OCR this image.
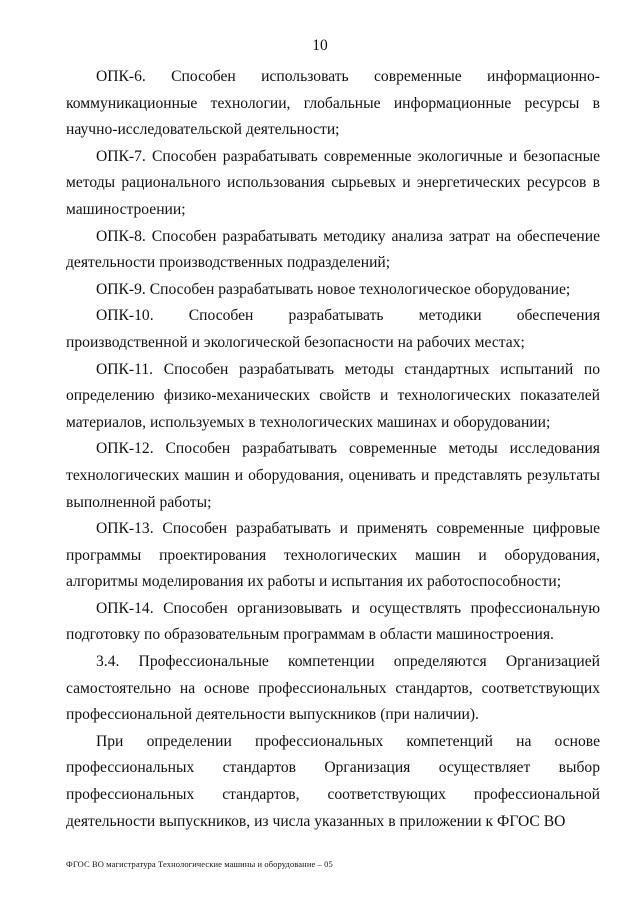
10

ОПК-6. Способен использовать современные информационно-коммуникационные технологии, глобальные информационные ресурсы в научно-исследовательской деятельности;

ОПК-7. Способен разрабатывать современные экологичные и безопасные методы рационального использования сырьевых и энергетических ресурсов в машиностроении;

ОПК-8. Способен разрабатывать методику анализа затрат на обеспечение деятельности производственных подразделений;

ОПК-9. Способен разрабатывать новое технологическое оборудование;

ОПК-10. Способен разрабатывать методики обеспечения производственной и экологической безопасности на рабочих местах;

ОПК-11. Способен разрабатывать методы стандартных испытаний по определению физико-механических свойств и технологических показателей материалов, используемых в технологических машинах и оборудовании;

ОПК-12. Способен разрабатывать современные методы исследования технологических машин и оборудования, оценивать и представлять результаты выполненной работы;

ОПК-13. Способен разрабатывать и применять современные цифровые программы проектирования технологических машин и оборудования, алгоритмы моделирования их работы и испытания их работоспособности;

ОПК-14. Способен организовывать и осуществлять профессиональную подготовку по образовательным программам в области машиностроения.

3.4. Профессиональные компетенции определяются Организацией самостоятельно на основе профессиональных стандартов, соответствующих профессиональной деятельности выпускников (при наличии).

При определении профессиональных компетенций на основе профессиональных стандартов Организация осуществляет выбор профессиональных стандартов, соответствующих профессиональной деятельности выпускников, из числа указанных в приложении к ФГОС ВО

ФГОС ВО магистратура Технологические машины и оборудование – 05
